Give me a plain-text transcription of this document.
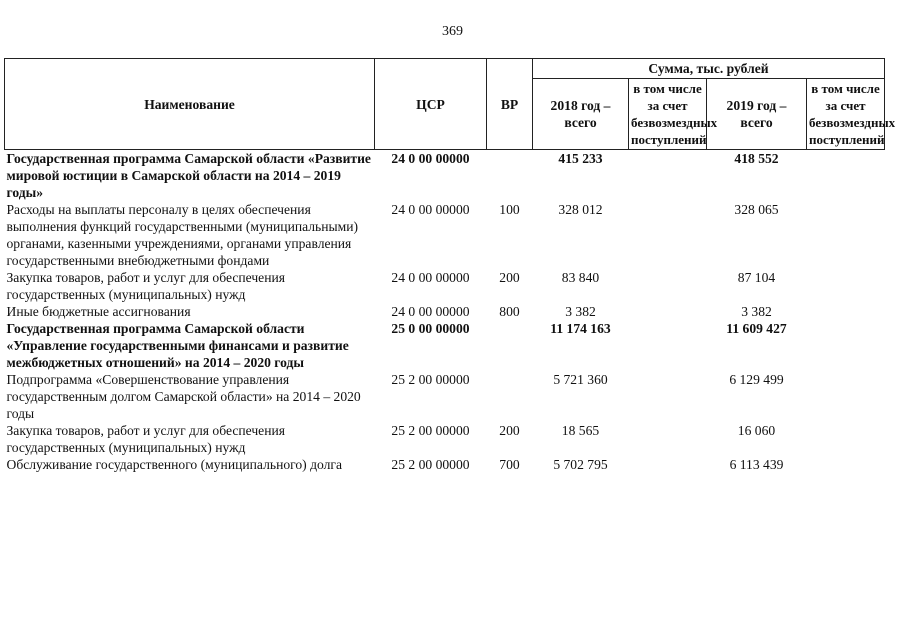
369
Наименование	ЦСР	ВР	Сумма, тыс. рублей			
			2018 год – всего	в том числе за счет безвозмездных поступлений	2019 год – всего	в том числе за счет безвозмездных поступлений
Государственная программа Самарской области «Развитие мировой юстиции в Самарской области на 2014 – 2019 годы»	24 0 00 00000		415 233		418 552	
Расходы на выплаты персоналу в целях обеспечения выполнения функций государственными (муниципальными) органами, казенными учреждениями, органами управления государственными внебюджетными фондами	24 0 00 00000	100	328 012		328 065	
Закупка товаров, работ и услуг для обеспечения государственных (муниципальных) нужд	24 0 00 00000	200	83 840		87 104	
Иные бюджетные ассигнования	24 0 00 00000	800	3 382		3 382	
Государственная программа Самарской области «Управление государственными финансами и развитие межбюджетных отношений» на 2014 – 2020 годы	25 0 00 00000		11 174 163		11 609 427	
Подпрограмма «Совершенствование управления государственным долгом Самарской области» на 2014 – 2020 годы	25 2 00 00000		5 721 360		6 129 499	
Закупка товаров, работ и услуг для обеспечения государственных (муниципальных) нужд	25 2 00 00000	200	18 565		16 060	
Обслуживание государственного (муниципального) долга	25 2 00 00000	700	5 702 795		6 113 439	
